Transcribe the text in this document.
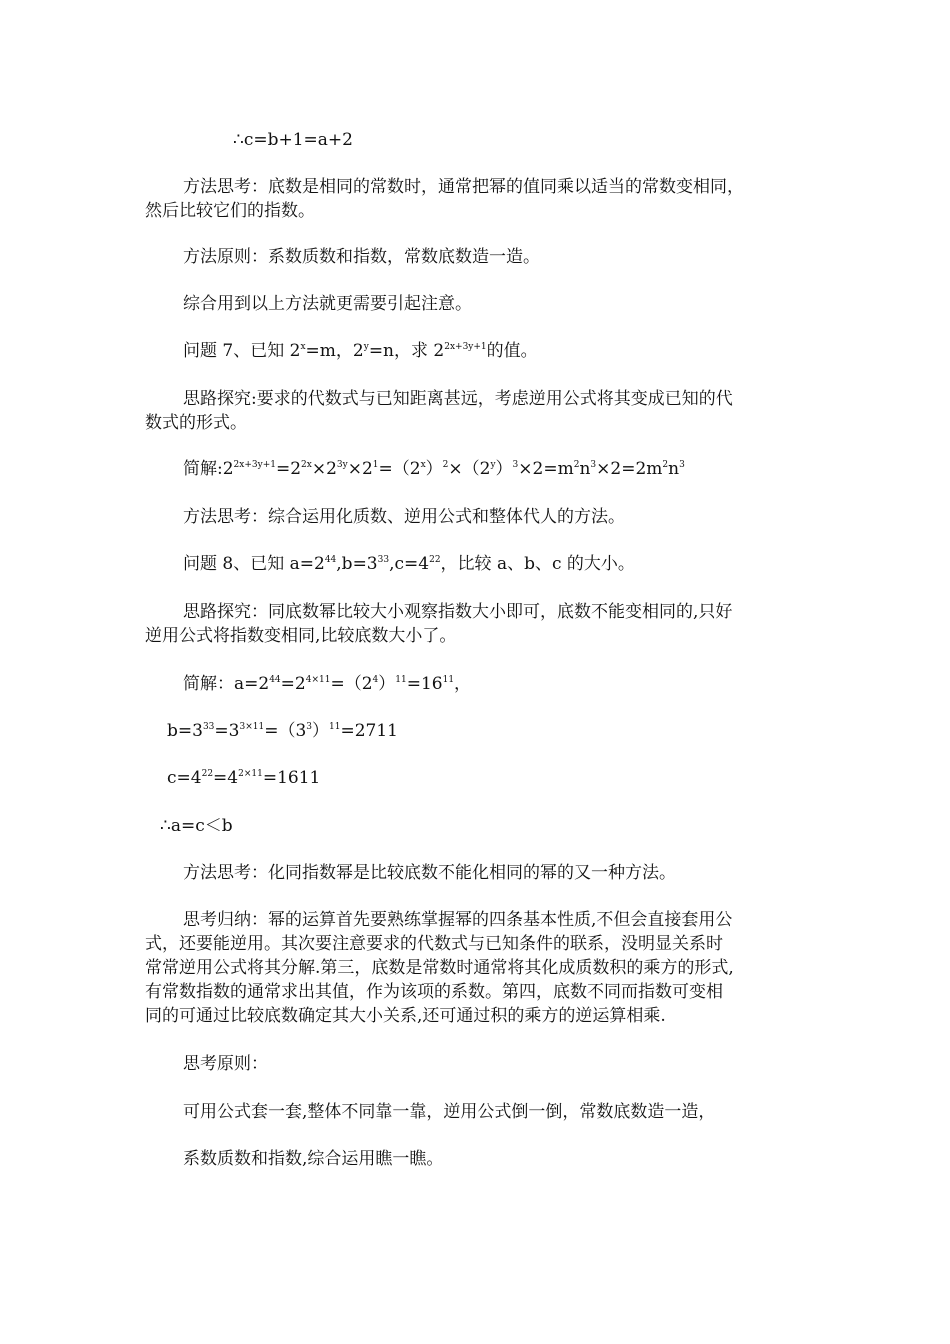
∴c=b+1=a+2
方法思考：底数是相同的常数时，通常把幂的值同乘以适当的常数变相同，
然后比较它们的指数。
方法原则：系数质数和指数，常数底数造一造。
综合用到以上方法就更需要引起注意。
问题 7、已知 $2^x=m$，$2^y=n$，求 $2^{2x+3y+1}$的值。
思路探究:要求的代数式与已知距离甚远，考虑逆用公式将其变成已知的代
数式的形式。
简解$:2^{2x+3y+1}=2^{2x}\times 2^{3y}\times 2^1=(2^x)^2\times(2^y)^3\times 2=m^2n^3\times 2=2m^2n^3$
方法思考：综合运用化质数、逆用公式和整体代人的方法。
问题 8、已知 $a=2^{44},b=3^{33},c=4^{22}$，比较 a、b、c 的大小。
思路探究：同底数幂比较大小观察指数大小即可，底数不能变相同的,只好
逆用公式将指数变相同,比较底数大小了。
简解：$a=2^{44}=2^{4\times 11}=(2^4)^{11}=16^{11}$，
$b=3^{33}=3^{3\times 11}=(3^3)^{11}=2711$
$c=4^{22}=4^{2\times 11}=1611$
∴a=c＜b
方法思考：化同指数幂是比较底数不能化相同的幂的又一种方法。
思考归纳：幂的运算首先要熟练掌握幂的四条基本性质,不但会直接套用公
式，还要能逆用。其次要注意要求的代数式与已知条件的联系，没明显关系时
常常逆用公式将其分解.第三，底数是常数时通常将其化成质数积的乘方的形式,
有常数指数的通常求出其值，作为该项的系数。第四，底数不同而指数可变相
同的可通过比较底数确定其大小关系,还可通过积的乘方的逆运算相乘.
思考原则：
可用公式套一套,整体不同靠一靠，逆用公式倒一倒，常数底数造一造，
系数质数和指数,综合运用瞧一瞧。
